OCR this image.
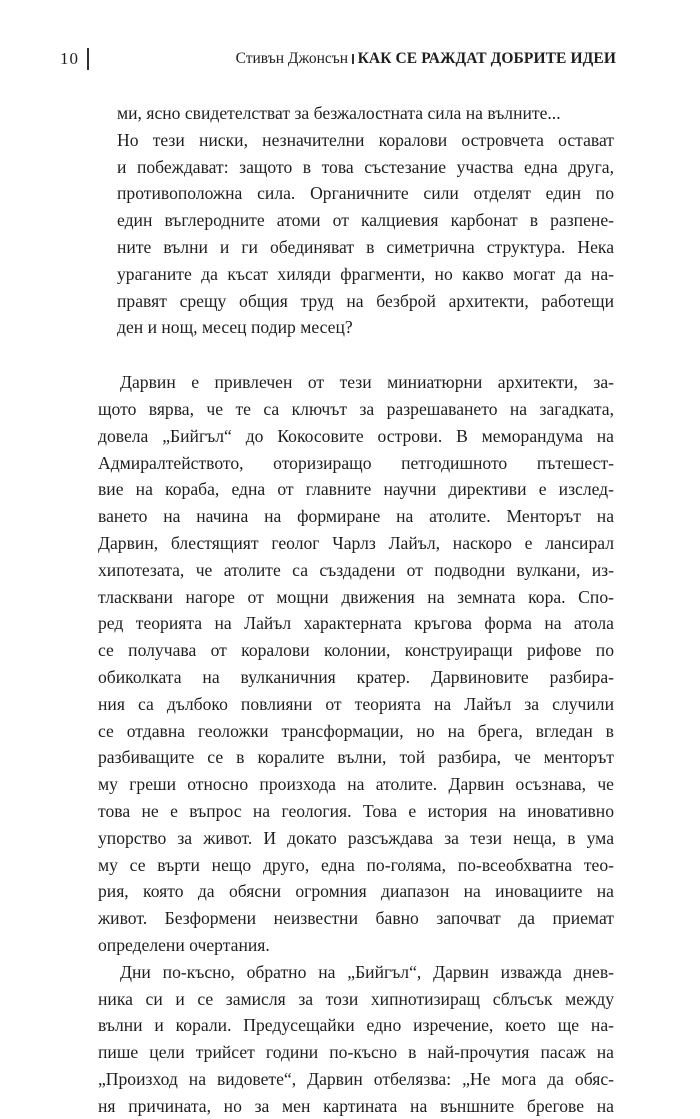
10	Стивън Джонсън КАК СЕ РАЖДАТ ДОБРИТЕ ИДЕИ
ми, ясно свидетелстват за безжалостната сила на вълните...
Но тези ниски, незначителни коралови островчета остават
и побеждават: защото в това състезание участва една друга,
противоположна сила. Органичните сили отделят един по
един въглеродните атоми от калциевия карбонат в разпене-
ните вълни и ги обединяват в симетрична структура. Нека
ураганите да късат хиляди фрагменти, но какво могат да на-
правят срещу общия труд на безброй архитекти, работещи
ден и нощ, месец подир месец?
Дарвин е привлечен от тези миниатюрни архитекти, за-
щото вярва, че те са ключът за разрешаването на загадката,
довела „Бийгъл“ до Кокосовите острови. В меморандума на
Адмиралтейството, оторизиращо петгодишното пътешест-
вие на кораба, една от главните научни директиви е изслед-
ването на начина на формиране на атолите. Менторът на
Дарвин, блестящият геолог Чарлз Лайъл, наскоро е лансирал
хипотезата, че атолите са създадени от подводни вулкани, из-
тласквани нагоре от мощни движения на земната кора. Спо-
ред теорията на Лайъл характерната кръгова форма на атола
се получава от коралови колонии, конструиращи рифове по
обиколката на вулканичния кратер. Дарвиновите разбира-
ния са дълбоко повлияни от теорията на Лайъл за случили
се отдавна геоложки трансформации, но на брега, вгледан в
разбиващите се в коралите вълни, той разбира, че менторът
му греши относно произхода на атолите. Дарвин осъзнава, че
това не е въпрос на геология. Това е история на иновативно
упорство за живот. И докато разсъждава за тези неща, в ума
му се върти нещо друго, една по-голяма, по-всеобхватна тео-
рия, която да обясни огромния диапазон на иновациите на
живот. Безформени неизвестни бавно започват да приемат
определени очертания.
Дни по-късно, обратно на „Бийгъл“, Дарвин изважда днев-
ника си и се замисля за този хипнотизиращ сблъсък между
вълни и корали. Предусещайки едно изречение, което ще на-
пише цели трийсет години по-късно в най-прочутия пасаж на
„Произход на видовете“, Дарвин отбелязва: „Не мога да обяс-
ня причината, но за мен картината на външните брегове на
